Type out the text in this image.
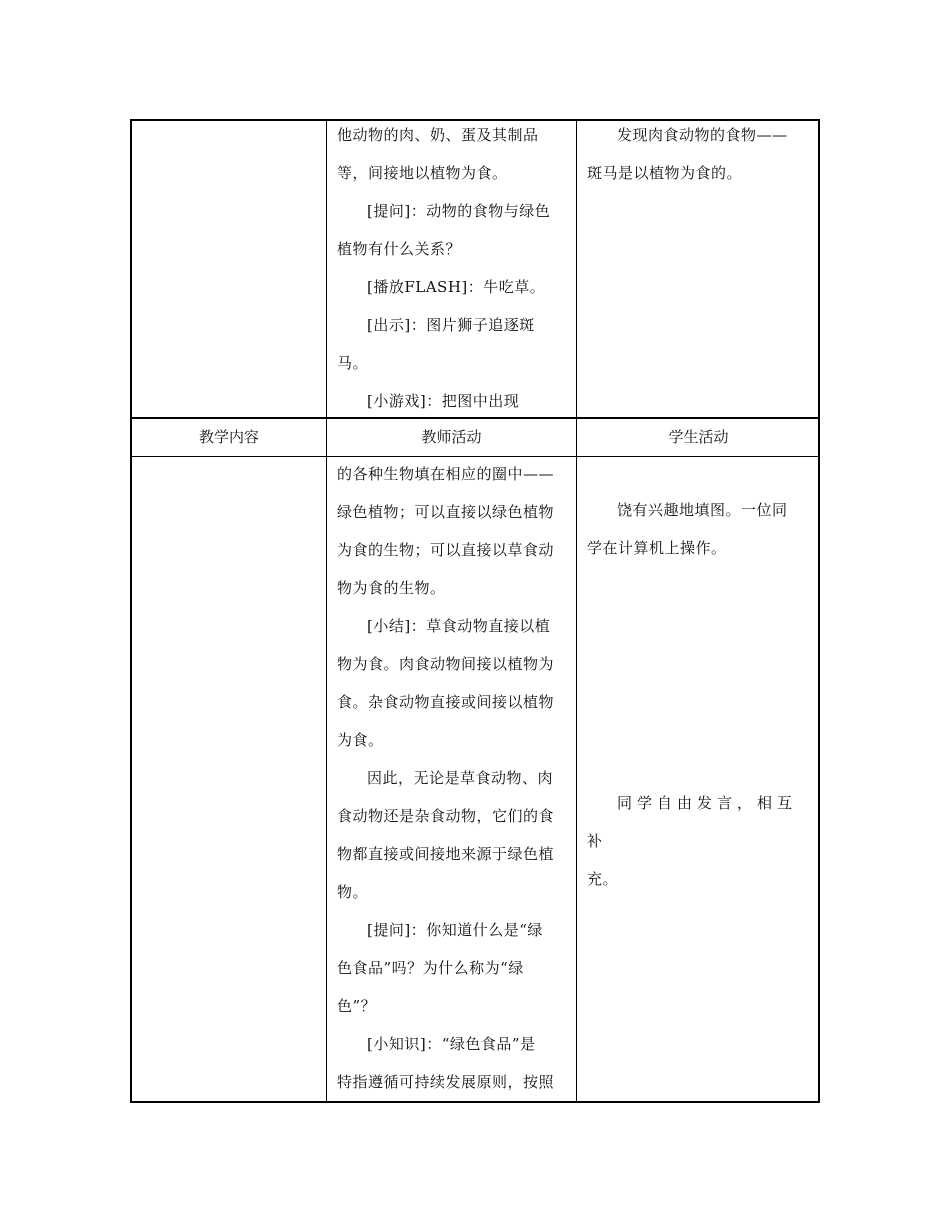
他动物的肉、奶、蛋及其制品

等，间接地以植物为食。

[提问]：动物的食物与绿色

植物有什么关系？

[播放FLASH]：牛吃草。

[出示]：图片狮子追逐斑

马。

[小游戏]：把图中出现

发现肉食动物的食物——

斑马是以植物为食的。

教学内容	教师活动	学生活动

的各种生物填在相应的圈中——

绿色植物；可以直接以绿色植物

为食的生物；可以直接以草食动

物为食的生物。

[小结]：草食动物直接以植

物为食。肉食动物间接以植物为

食。杂食动物直接或间接以植物

为食。

因此，无论是草食动物、肉

食动物还是杂食动物，它们的食

物都直接或间接地来源于绿色植

物。

[提问]：你知道什么是“绿

色食品”吗？为什么称为“绿

色”？

[小知识]：“绿色食品”是

特指遵循可持续发展原则，按照

饶有兴趣地填图。一位同

学在计算机上操作。

同学自由发言，相互补

充。
